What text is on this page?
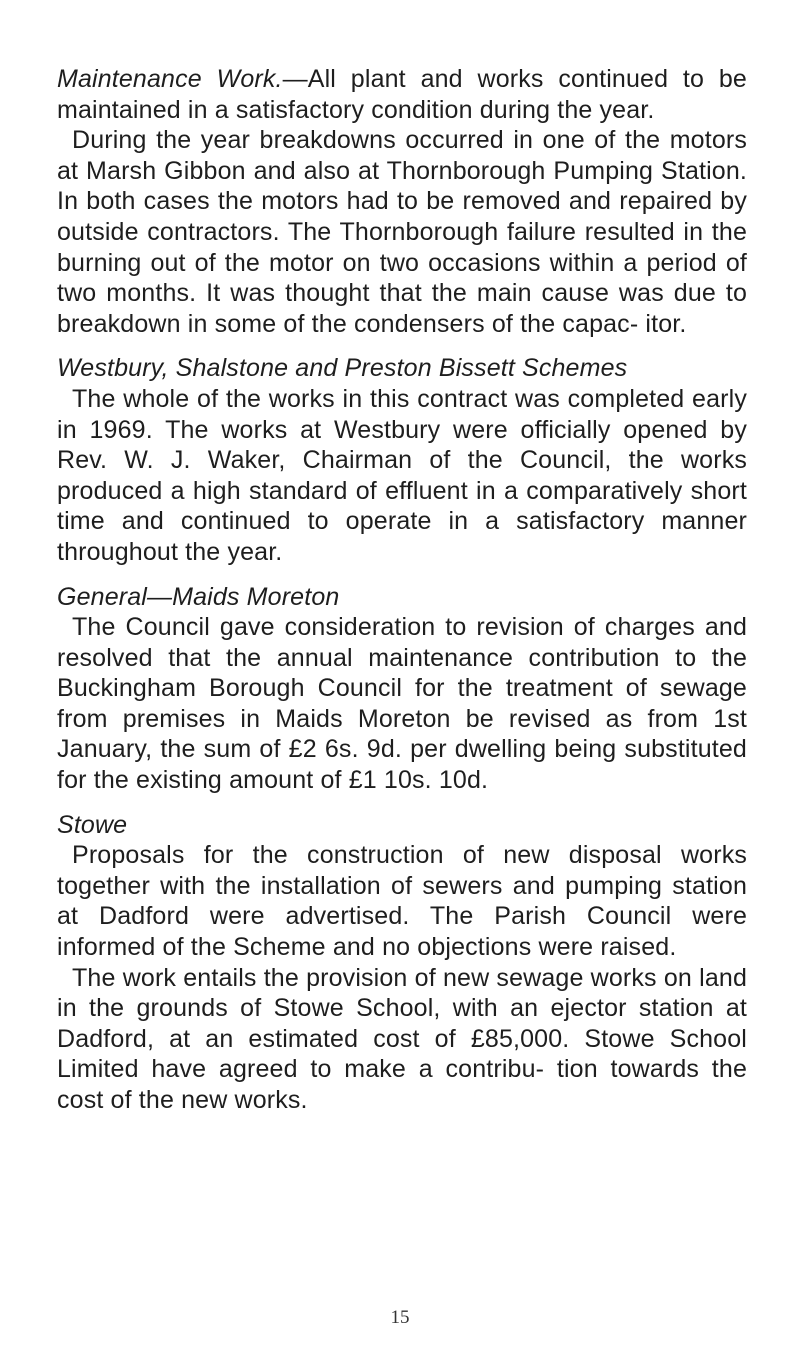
Maintenance Work.—All plant and works continued to be maintained in a satisfactory condition during the year.

During the year breakdowns occurred in one of the motors at Marsh Gibbon and also at Thornborough Pumping Station. In both cases the motors had to be removed and repaired by outside contractors. The Thornborough failure resulted in the burning out of the motor on two occasions within a period of two months. It was thought that the main cause was due to breakdown in some of the condensers of the capac- itor.

Westbury, Shalstone and Preston Bissett Schemes

The whole of the works in this contract was completed early in 1969. The works at Westbury were officially opened by Rev. W. J. Waker, Chairman of the Council, the works produced a high standard of effluent in a comparatively short time and continued to operate in a satisfactory manner throughout the year.

General—Maids Moreton

The Council gave consideration to revision of charges and resolved that the annual maintenance contribution to the Buckingham Borough Council for the treatment of sewage from premises in Maids Moreton be revised as from 1st January, the sum of £2 6s. 9d. per dwelling being substituted for the existing amount of £1 10s. 10d.

Stowe

Proposals for the construction of new disposal works together with the installation of sewers and pumping station at Dadford were advertised. The Parish Council were informed of the Scheme and no objections were raised.

The work entails the provision of new sewage works on land in the grounds of Stowe School, with an ejector station at Dadford, at an estimated cost of £85,000. Stowe School Limited have agreed to make a contribu- tion towards the cost of the new works.

15
